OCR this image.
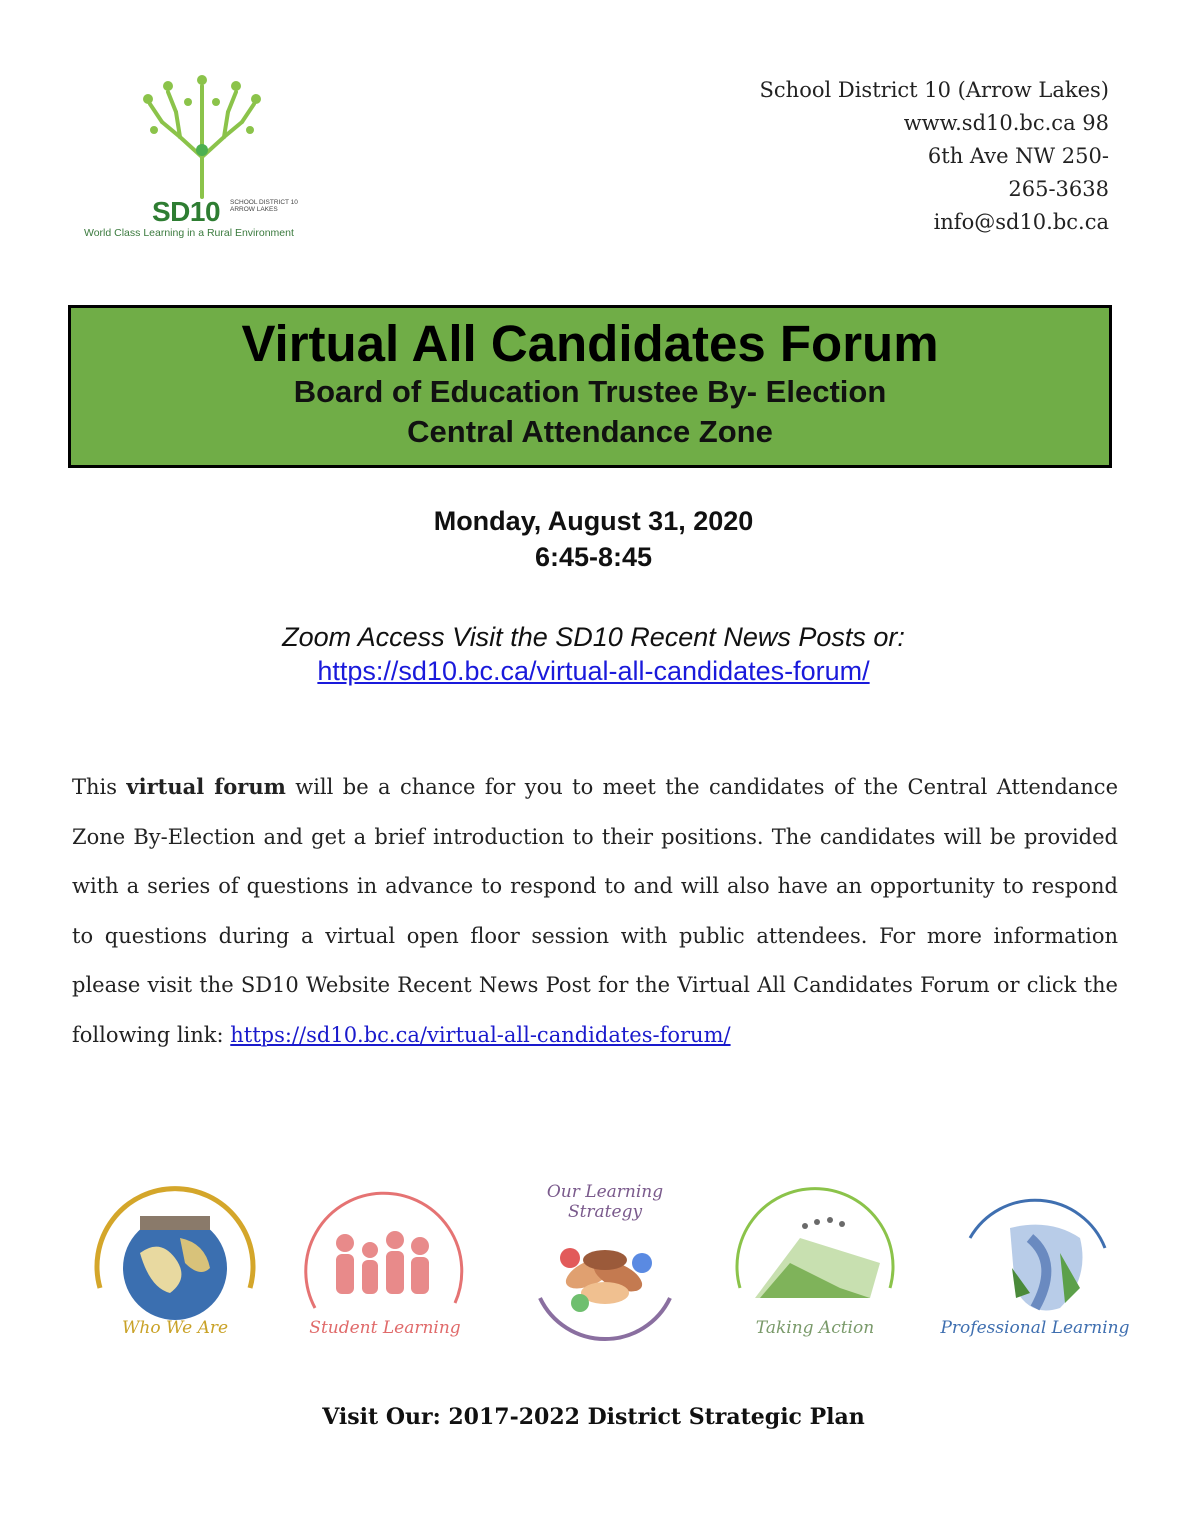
SD10 SCHOOL DISTRICT 10 ARROW LAKES
World Class Learning in a Rural Environment
School District 10 (Arrow Lakes)
www.sd10.bc.ca 98
6th Ave NW 250-
265-3638
info@sd10.bc.ca
Virtual All Candidates Forum
Board of Education Trustee By- Election
Central Attendance Zone
Monday, August 31, 2020
6:45-8:45
Zoom Access Visit the SD10 Recent News Posts or:
https://sd10.bc.ca/virtual-all-candidates-forum/
This virtual forum will be a chance for you to meet the candidates of the Central Attendance Zone By-Election and get a brief introduction to their positions. The candidates will be provided with a series of questions in advance to respond to and will also have an opportunity to respond to questions during a virtual open floor session with public attendees. For more information please visit the SD10 Website Recent News Post for the Virtual All Candidates Forum or click the following link: https://sd10.bc.ca/virtual-all-candidates-forum/
Who We Are	Student Learning
Our Learning Strategy
Taking Action	Professional Learning
Visit Our: 2017-2022 District Strategic Plan
